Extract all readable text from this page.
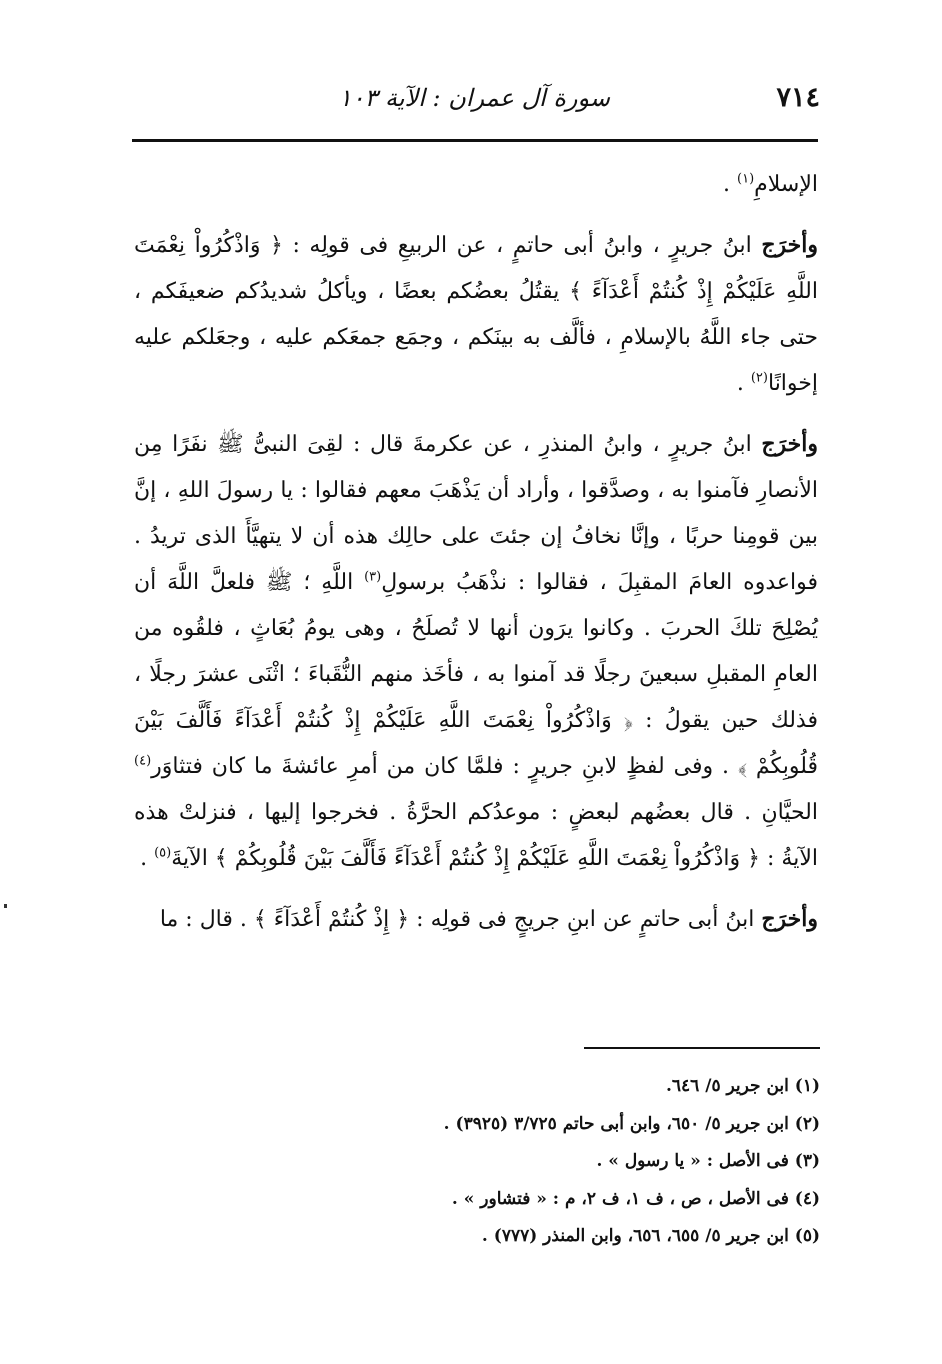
٧١٤
سورة آل عمران : الآية ١٠٣

الإسلامِ$^{(١)}$ .

وأخرَج ابنُ جريرٍ ، وابنُ أبى حاتمٍ ، عن الربيعِ فى قولِه : ﴿ وَاذْكُرُواْ نِعْمَتَ اللَّهِ عَلَيْكُمْ إِذْ كُنتُمْ أَعْدَآءً ﴾ يقتُلُ بعضُكم بعضًا ، ويأكلُ شديدُكم ضعيفَكم ، حتى جاء اللَّهُ بالإسلامِ ، فألَّف به بينَكم ، وجمَع جمعَكم عليه ، وجعَلكم عليه إخوانًا$^{(٢)}$ .

وأخرَج ابنُ جريرٍ ، وابنُ المنذرِ ، عن عكرمةَ قال : لقِىَ النبىُّ ﷺ نفَرًا مِن الأنصارِ فآمنوا به ، وصدَّقوا ، وأراد أن يَذْهَبَ معهم فقالوا : يا رسولَ اللهِ ، إنَّ بين قومِنا حربًا ، وإنَّا نخافُ إن جئتَ على حالِك هذه أن لا يتهيَّأَ الذى تريدُ . فواعدوه العامَ المقبِلَ ، فقالوا : نذْهَبُ برسولِ$^{(٣)}$ اللَّهِ ؛ ﷺ فلعلَّ اللَّهَ أن يُصْلِحَ تلكَ الحربَ . وكانوا يرَون أنها لا تُصلَحُ ، وهى يومُ بُعَاثٍ ، فلقُوه من العامِ المقبلِ سبعينَ رجلًا قد آمنوا به ، فأخَذ منهم النُّقَباءَ ؛ اثْنَى عشرَ رجلًا ، فذلك حين يقولُ : ﴿ وَاذْكُرُواْ نِعْمَتَ اللَّهِ عَلَيْكُمْ إِذْ كُنتُمْ أَعْدَآءً فَأَلَّفَ بَيْنَ قُلُوبِكُمْ ﴾ . وفى لفظٍ لابنِ جريرٍ : فلمَّا كان من أمرِ عائشةَ ما كان فتثاوَر$^{(٤)}$ الحيَّانِ . قال بعضُهم لبعضٍ : موعدُكم الحرَّةُ . فخرجوا إليها ، فنزلتْ هذه الآيةُ : ﴿ وَاذْكُرُواْ نِعْمَتَ اللَّهِ عَلَيْكُمْ إِذْ كُنتُمْ أَعْدَآءً فَأَلَّفَ بَيْنَ قُلُوبِكُمْ ﴾ الآيةَ$^{(٥)}$ .

وأخرَج ابنُ أبى حاتمٍ عن ابنِ جريجٍ فى قولِه : ﴿ إِذْ كُنتُمْ أَعْدَآءً ﴾ . قال : ما

(١) ابن جرير ٥/ ٦٤٦.
(٢) ابن جرير ٥/ ٦٥٠، وابن أبى حاتم ٣/٧٢٥ (٣٩٢٥) .
(٣) فى الأصل : « يا رسول » .
(٤) فى الأصل ، ص ، ف ١، ف ٢، م : « فتشاور » .
(٥) ابن جرير ٥/ ٦٥٥، ٦٥٦، وابن المنذر (٧٧٧) .
